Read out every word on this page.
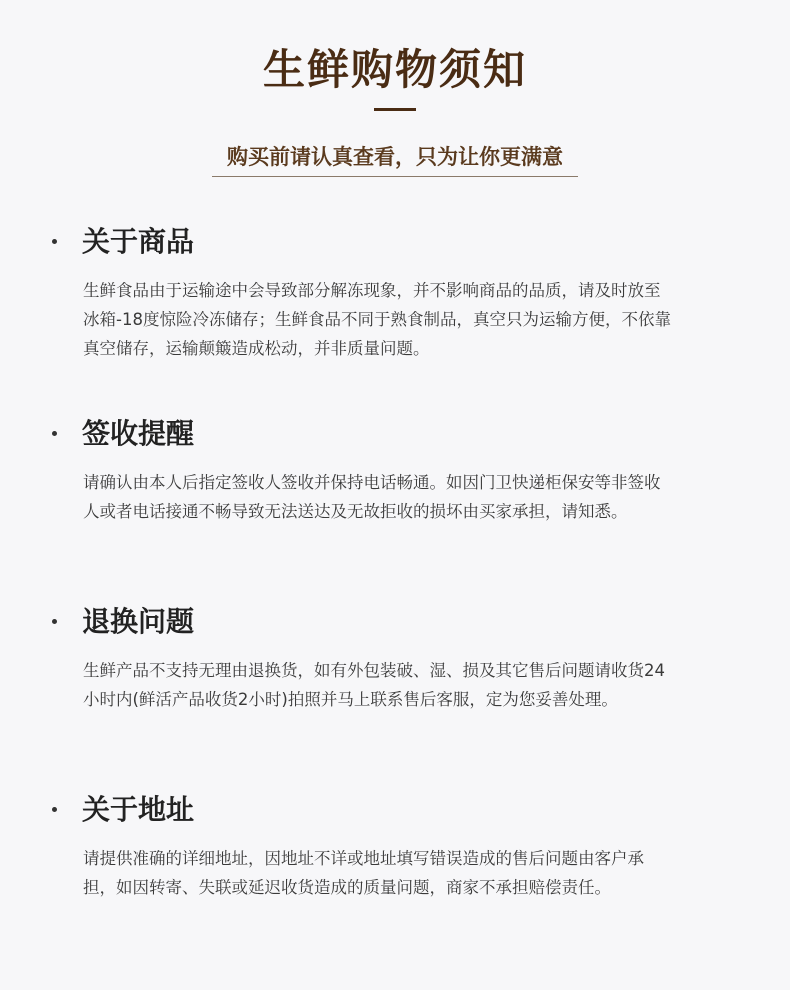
生鲜购物须知
购买前请认真查看，只为让你更满意
关于商品
生鲜食品由于运输途中会导致部分解冻现象，并不影响商品的品质，请及时放至冰箱-18度惊险冷冻储存；生鲜食品不同于熟食制品，真空只为运输方便，不依靠真空储存，运输颠簸造成松动，并非质量问题。
签收提醒
请确认由本人后指定签收人签收并保持电话畅通。如因门卫快递柜保安等非签收人或者电话接通不畅导致无法送达及无故拒收的损坏由买家承担，请知悉。
退换问题
生鲜产品不支持无理由退换货，如有外包装破、湿、损及其它售后问题请收货24小时内(鲜活产品收货2小时)拍照并马上联系售后客服，定为您妥善处理。
关于地址
请提供准确的详细地址，因地址不详或地址填写错误造成的售后问题由客户承担，如因转寄、失联或延迟收货造成的质量问题，商家不承担赔偿责任。
